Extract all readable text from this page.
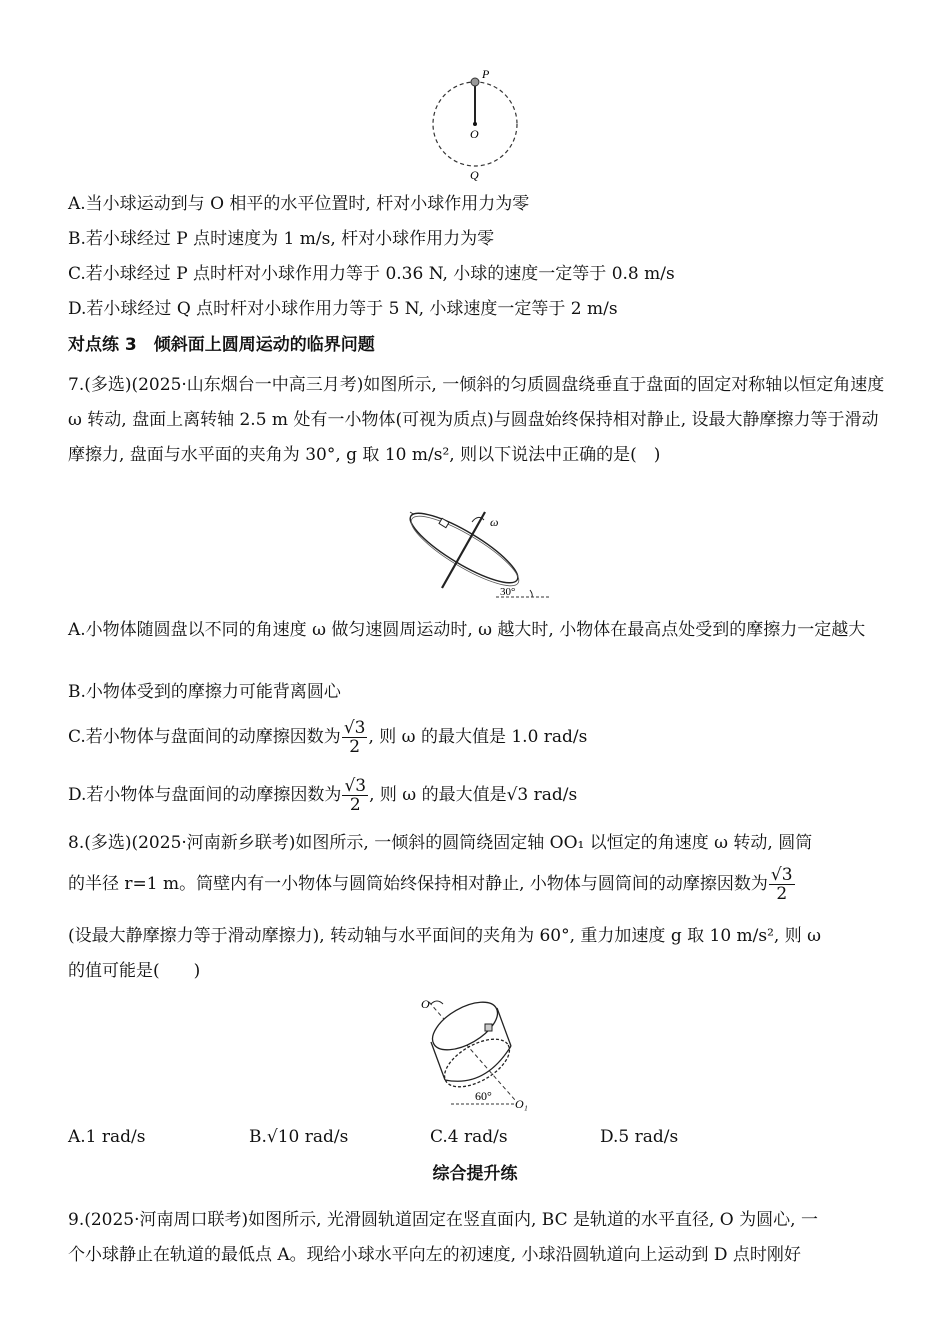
P
O
Q
A.当小球运动到与 O 相平的水平位置时, 杆对小球作用力为零
B.若小球经过 P 点时速度为 1 m/s, 杆对小球作用力为零
C.若小球经过 P 点时杆对小球作用力等于 0.36 N, 小球的速度一定等于 0.8 m/s
D.若小球经过 Q 点时杆对小球作用力等于 5 N, 小球速度一定等于 2 m/s
对点练 3　倾斜面上圆周运动的临界问题
7.(多选)(2025·山东烟台一中高三月考)如图所示, 一倾斜的匀质圆盘绕垂直于盘面的固定对称轴以恒定角速度 ω 转动, 盘面上离转轴 2.5 m 处有一小物体(可视为质点)与圆盘始终保持相对静止, 设最大静摩擦力等于滑动摩擦力, 盘面与水平面的夹角为 30°, g 取 10 m/s², 则以下说法中正确的是(　)
ω
30°
A.小物体随圆盘以不同的角速度 ω 做匀速圆周运动时, ω 越大时, 小物体在最高点处受到的摩擦力一定越大
B.小物体受到的摩擦力可能背离圆心
C.若小物体与盘面间的动摩擦因数为 $\frac{√3}{2}$ , 则 ω 的最大值是 1.0 rad/s
D.若小物体与盘面间的动摩擦因数为 $\frac{√3}{2}$ , 则 ω 的最大值是√3 rad/s
8.(多选)(2025·河南新乡联考)如图所示, 一倾斜的圆筒绕固定轴 OO₁ 以恒定的角速度 ω 转动, 圆筒
的半径 r=1 m。筒壁内有一小物体与圆筒始终保持相对静止, 小物体与圆筒间的动摩擦因数为 $\frac{√3}{2}$
(设最大静摩擦力等于滑动摩擦力), 转动轴与水平面间的夹角为 60°, 重力加速度 g 取 10 m/s², 则 ω
的值可能是(　　)
O
60°
O₁
A.1 rad/s	B.√10 rad/s	C.4 rad/s	D.5 rad/s
综合提升练
9.(2025·河南周口联考)如图所示, 光滑圆轨道固定在竖直面内, BC 是轨道的水平直径, O 为圆心, 一
个小球静止在轨道的最低点 A。现给小球水平向左的初速度, 小球沿圆轨道向上运动到 D 点时刚好
